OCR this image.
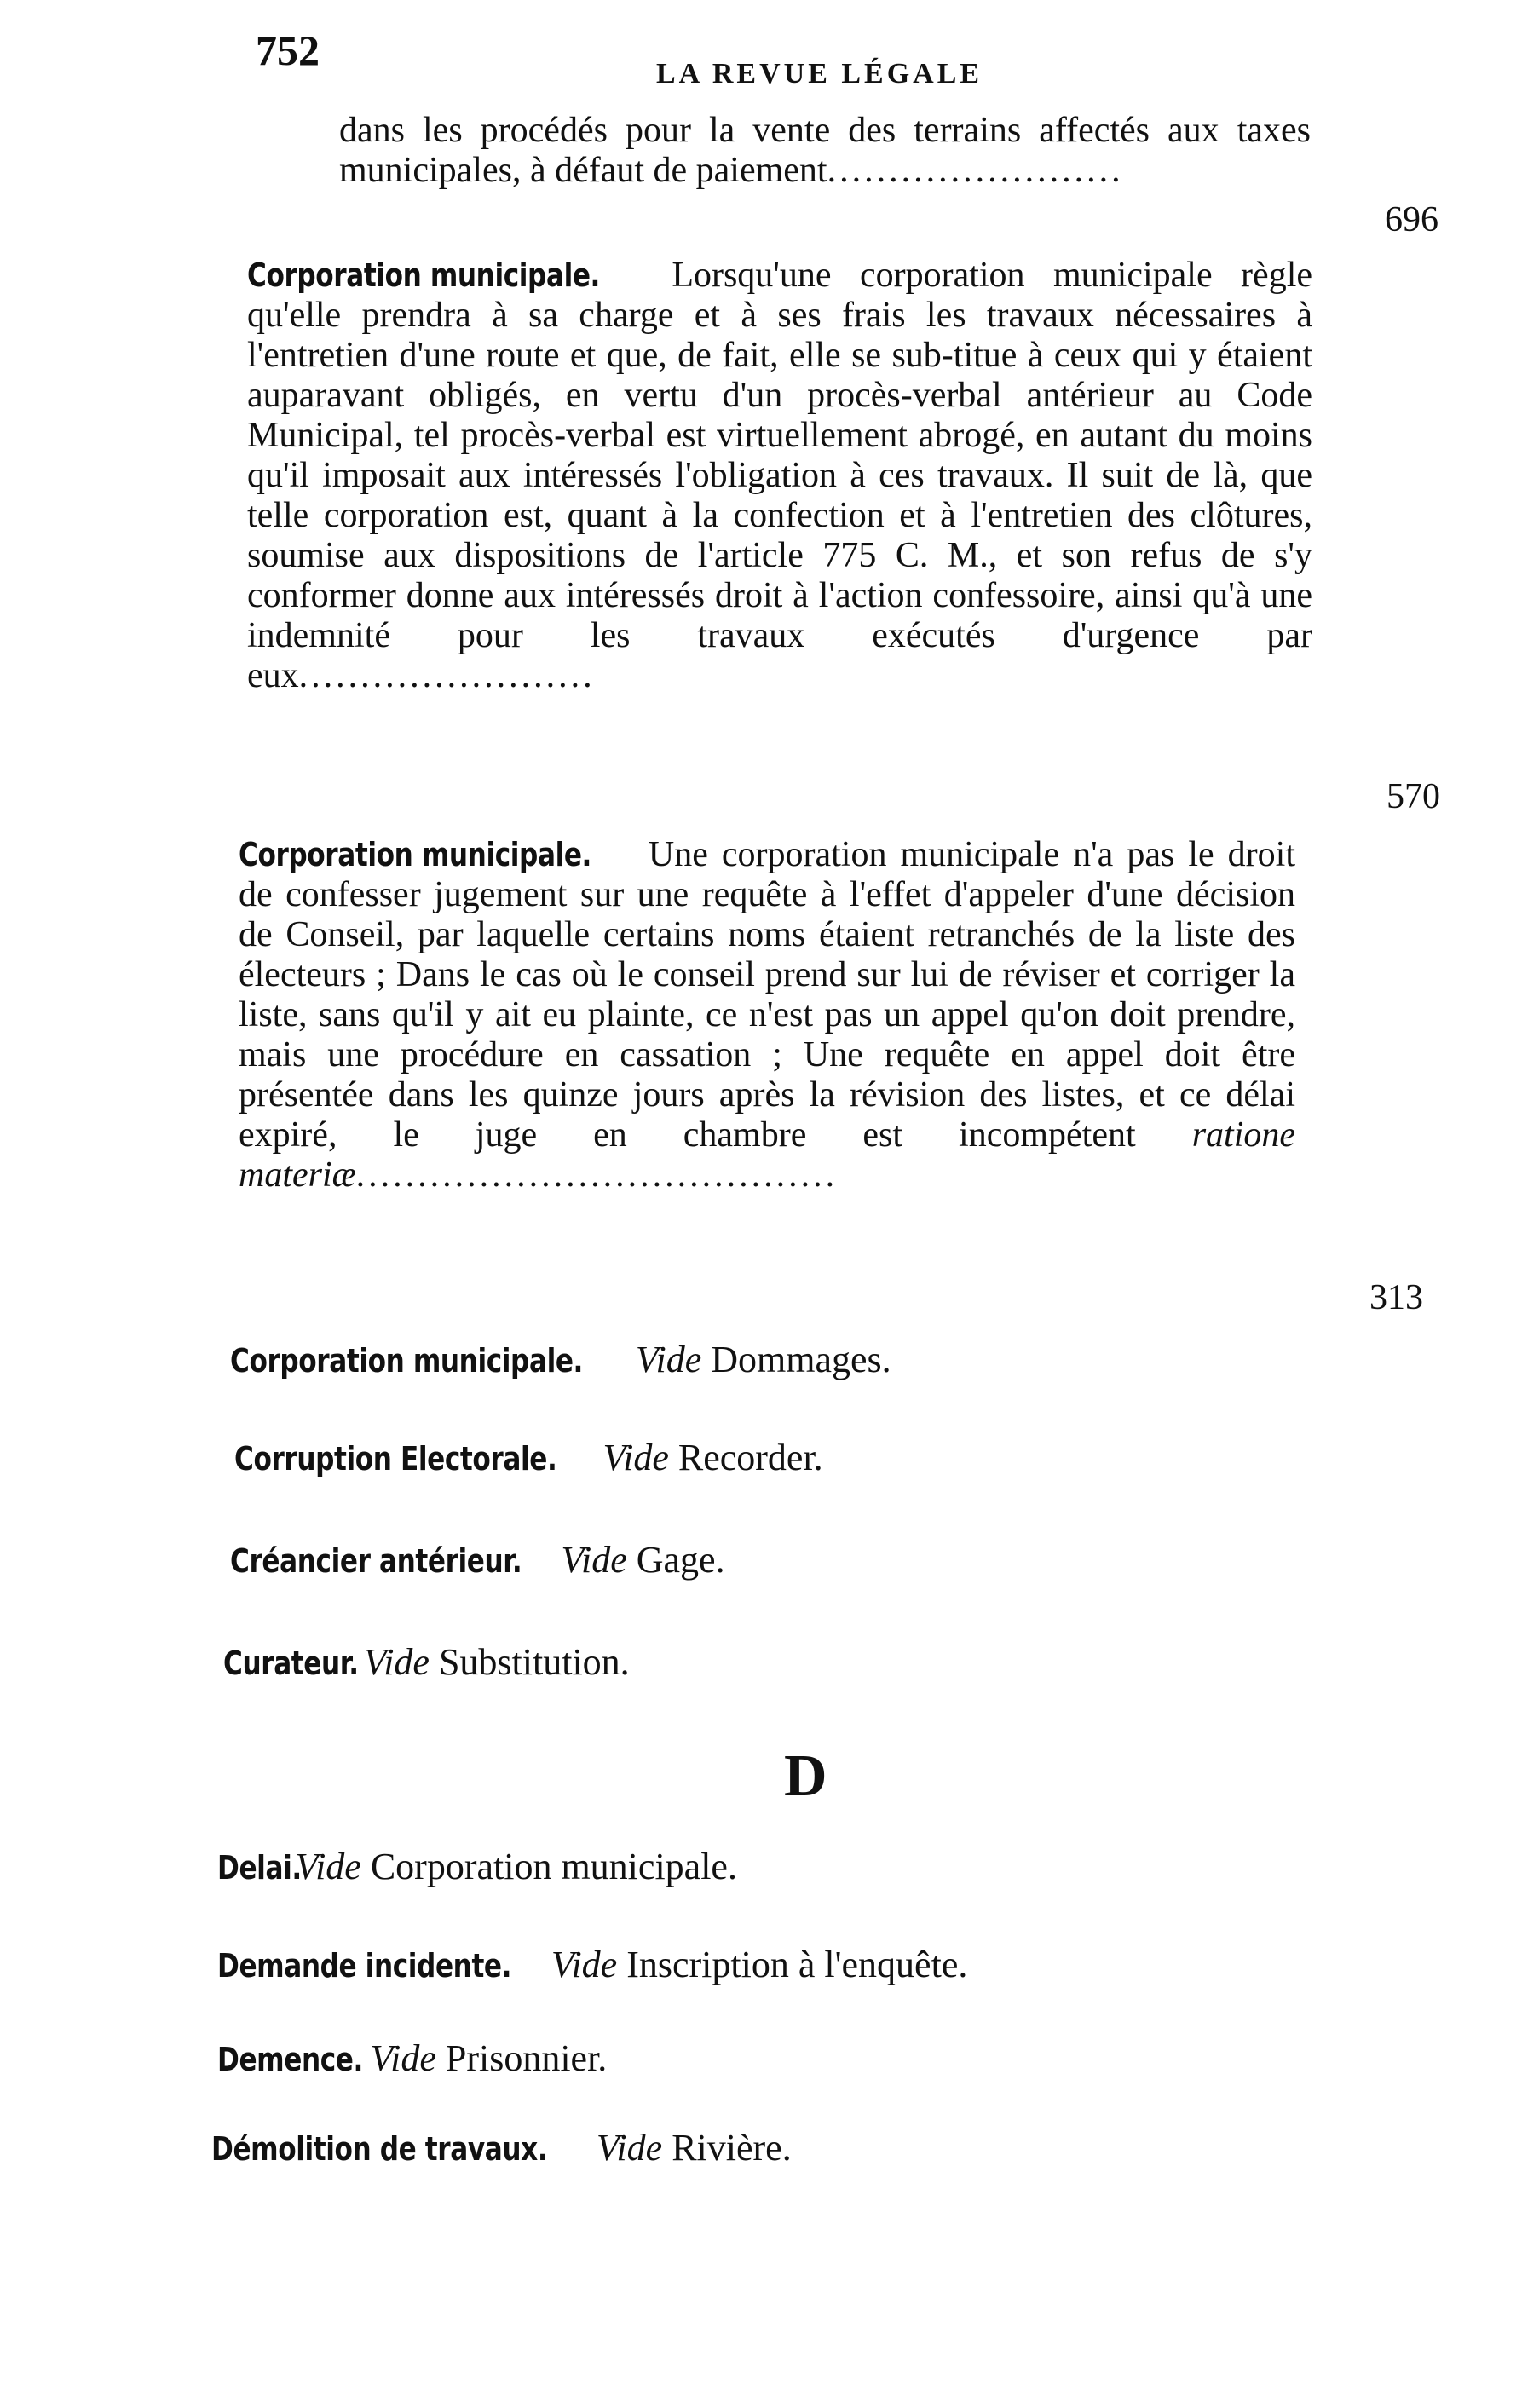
752	LA REVUE LÉGALE
dans les procédés pour la vente des terrains affectés aux taxes municipales, à défaut de paiement........................
696
Corporation municipale. Lorsqu'une corporation municipale règle qu'elle prendra à sa charge et à ses frais les travaux nécessaires à l'entretien d'une route et que, de fait, elle se sub-titue à ceux qui y étaient auparavant obligés, en vertu d'un procès-verbal antérieur au Code Municipal, tel procès-verbal est virtuellement abrogé, en autant du moins qu'il imposait aux intéressés l'obligation à ces travaux. Il suit de là, que telle corporation est, quant à la confection et à l'entretien des clôtures, soumise aux dispositions de l'article 775 C. M., et son refus de s'y conformer donne aux intéressés droit à l'action confessoire, ainsi qu'à une indemnité pour les travaux exécutés d'urgence par eux........................
570
Corporation municipale. Une corporation municipale n'a pas le droit de confesser jugement sur une requête à l'effet d'appeler d'une décision de Conseil, par laquelle certains noms étaient retranchés de la liste des électeurs ; Dans le cas où le conseil prend sur lui de réviser et corriger la liste, sans qu'il y ait eu plainte, ce n'est pas un appel qu'on doit prendre, mais une procédure en cassation ; Une requête en appel doit être présentée dans les quinze jours après la révision des listes, et ce délai expiré, le juge en chambre est incompétent ratione materiæ.......................................
313
Corporation municipale. Vide Dommages.
Corruption Electorale. Vide Recorder.
Créancier antérieur. Vide Gage.
Curateur. Vide Substitution.
D
Delai. Vide Corporation municipale.
Demande incidente. Vide Inscription à l'enquête.
Demence. Vide Prisonnier.
Démolition de travaux. Vide Rivière.
